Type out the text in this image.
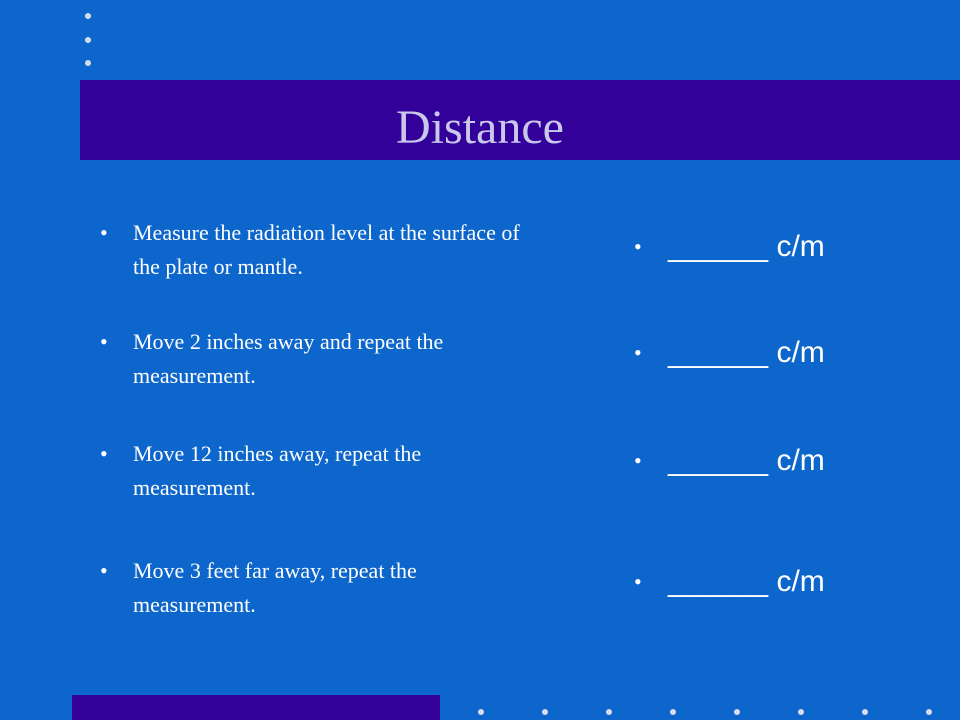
Distance
• Measure the radiation level at the surface of the plate or mantle.
• Move 2 inches away and repeat the measurement.
• Move 12 inches away, repeat the measurement.
• Move 3 feet far away, repeat the measurement.
• ______ c/m
• ______ c/m
• ______ c/m
• ______ c/m
